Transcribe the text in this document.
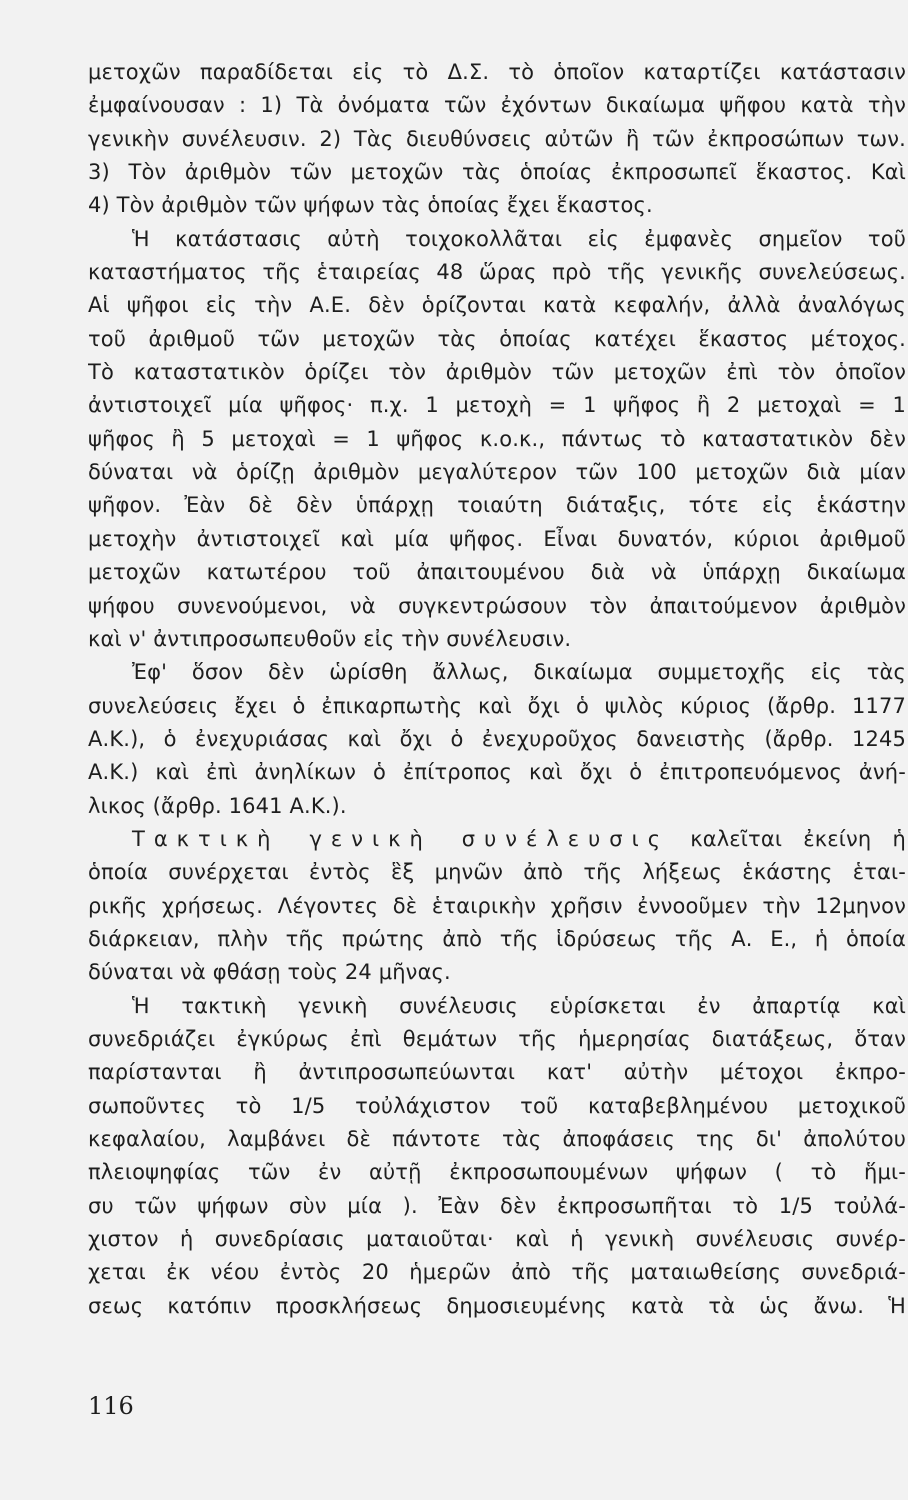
μετοχῶν παραδίδεται εἰς τὸ Δ.Σ. τὸ ὁποῖον καταρτίζει κατάστασιν
ἐμφαίνουσαν : 1) Τὰ ὀνόματα τῶν ἐχόντων δικαίωμα ψῆφου κατὰ τὴν
γενικὴν συνέλευσιν. 2) Τὰς διευθύνσεις αὐτῶν ἢ τῶν ἐκπροσώπων των.
3) Τὸν ἀριθμὸν τῶν μετοχῶν τὰς ὁποίας ἐκπροσωπεῖ ἕκαστος. Καὶ
4) Τὸν ἀριθμὸν τῶν ψήφων τὰς ὁποίας ἔχει ἕκαστος.
Ἡ κατάστασις αὐτὴ τοιχοκολλᾶται εἰς ἐμφανὲς σημεῖον τοῦ
καταστήματος τῆς ἑταιρείας 48 ὥρας πρὸ τῆς γενικῆς συνελεύσεως.
Αἱ ψῆφοι εἰς τὴν Α.Ε. δὲν ὁρίζονται κατὰ κεφαλήν, ἀλλὰ ἀναλόγως
τοῦ ἀριθμοῦ τῶν μετοχῶν τὰς ὁποίας κατέχει ἕκαστος μέτοχος.
Τὸ καταστατικὸν ὁρίζει τὸν ἀριθμὸν τῶν μετοχῶν ἐπὶ τὸν ὁποῖον
ἀντιστοιχεῖ μία ψῆφος· π.χ. 1 μετοχὴ = 1 ψῆφος ἢ 2 μετοχαὶ = 1
ψῆφος ἢ 5 μετοχαὶ = 1 ψῆφος κ.ο.κ., πάντως τὸ καταστατικὸν δὲν
δύναται νὰ ὁρίζῃ ἀριθμὸν μεγαλύτερον τῶν 100 μετοχῶν διὰ μίαν
ψῆφον. Ἐὰν δὲ δὲν ὑπάρχῃ τοιαύτη διάταξις, τότε εἰς ἑκάστην
μετοχὴν ἀντιστοιχεῖ καὶ μία ψῆφος. Εἶναι δυνατόν, κύριοι ἀριθμοῦ
μετοχῶν κατωτέρου τοῦ ἀπαιτουμένου διὰ νὰ ὑπάρχῃ δικαίωμα
ψήφου συνενούμενοι, νὰ συγκεντρώσουν τὸν ἀπαιτούμενον ἀριθμὸν
καὶ ν' ἀντιπροσωπευθοῦν εἰς τὴν συνέλευσιν.
Ἐφ' ὅσον δὲν ὡρίσθη ἄλλως, δικαίωμα συμμετοχῆς εἰς τὰς
συνελεύσεις ἔχει ὁ ἐπικαρπωτὴς καὶ ὄχι ὁ ψιλὸς κύριος (ἄρθρ. 1177
Α.Κ.), ὁ ἐνεχυριάσας καὶ ὄχι ὁ ἐνεχυροῦχος δανειστὴς (ἄρθρ. 1245
Α.Κ.) καὶ ἐπὶ ἀνηλίκων ὁ ἐπίτροπος καὶ ὄχι ὁ ἐπιτροπευόμενος ἀνή-
λικος (ἄρθρ. 1641 Α.Κ.).
Τακτικὴ γενικὴ συνέλευσις καλεῖται ἐκείνη ἡ
ὁποία συνέρχεται ἐντὸς ἓξ μηνῶν ἀπὸ τῆς λήξεως ἑκάστης ἑται-
ρικῆς χρήσεως. Λέγοντες δὲ ἑταιρικὴν χρῆσιν ἐννοοῦμεν τὴν 12μηνον
διάρκειαν, πλὴν τῆς πρώτης ἀπὸ τῆς ἱδρύσεως τῆς Α. Ε., ἡ ὁποία
δύναται νὰ φθάσῃ τοὺς 24 μῆνας.
Ἡ τακτικὴ γενικὴ συνέλευσις εὑρίσκεται ἐν ἀπαρτίᾳ καὶ
συνεδριάζει ἐγκύρως ἐπὶ θεμάτων τῆς ἡμερησίας διατάξεως, ὅταν
παρίστανται ἢ ἀντιπροσωπεύωνται κατ' αὐτὴν μέτοχοι ἐκπρο-
σωποῦντες τὸ 1/5 τοὐλάχιστον τοῦ καταβεβλημένου μετοχικοῦ
κεφαλαίου, λαμβάνει δὲ πάντοτε τὰς ἀποφάσεις της δι' ἀπολύτου
πλειοψηφίας τῶν ἐν αὐτῇ ἐκπροσωπουμένων ψήφων ( τὸ ἥμι-
συ τῶν ψήφων σὺν μία ). Ἐὰν δὲν ἐκπροσωπῆται τὸ 1/5 τοὐλά-
χιστον ἡ συνεδρίασις ματαιοῦται· καὶ ἡ γενικὴ συνέλευσις συνέρ-
χεται ἐκ νέου ἐντὸς 20 ἡμερῶν ἀπὸ τῆς ματαιωθείσης συνεδριά-
σεως κατόπιν προσκλήσεως δημοσιευμένης κατὰ τὰ ὡς ἄνω. Ἡ
116
